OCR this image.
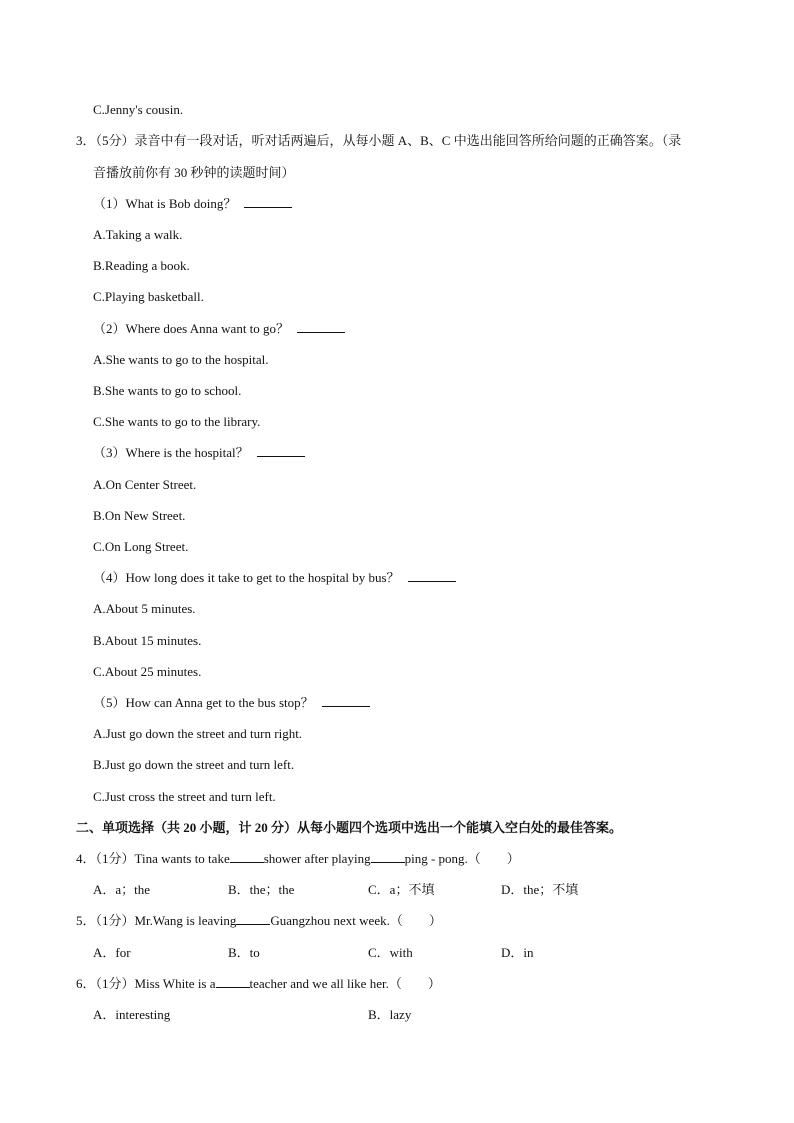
C.Jenny's cousin.
3．（5分）录音中有一段对话，听对话两遍后，从每小题 A、B、C 中选出能回答所给问题的正确答案。（录
音播放前你有 30 秒钟的读题时间）
（1）What is Bob doing？
A.Taking a walk.
B.Reading a book.
C.Playing basketball.
（2）Where does Anna want to go？
A.She wants to go to the hospital.
B.She wants to go to school.
C.She wants to go to the library.
（3）Where is the hospital？
A.On Center Street.
B.On New Street.
C.On Long Street.
（4）How long does it take to get to the hospital by bus？
A.About 5 minutes.
B.About 15 minutes.
C.About 25 minutes.
（5）How can Anna get to the bus stop？
A.Just go down the street and turn right.
B.Just go down the street and turn left.
C.Just cross the street and turn left.
二、单项选择（共 20 小题，计 20 分）从每小题四个选项中选出一个能填入空白处的最佳答案。
4．（1分）Tina wants to take	shower after playing	ping - pong.（　　）
A．a；the	B．the；the	C．a；不填	D．the；不填
5．（1分）Mr.Wang is leaving	Guangzhou next week.（　　）
A．for	B．to	C．with	D．in
6．（1分）Miss White is a	teacher and we all like her.（　　）
A．interesting	B．lazy
